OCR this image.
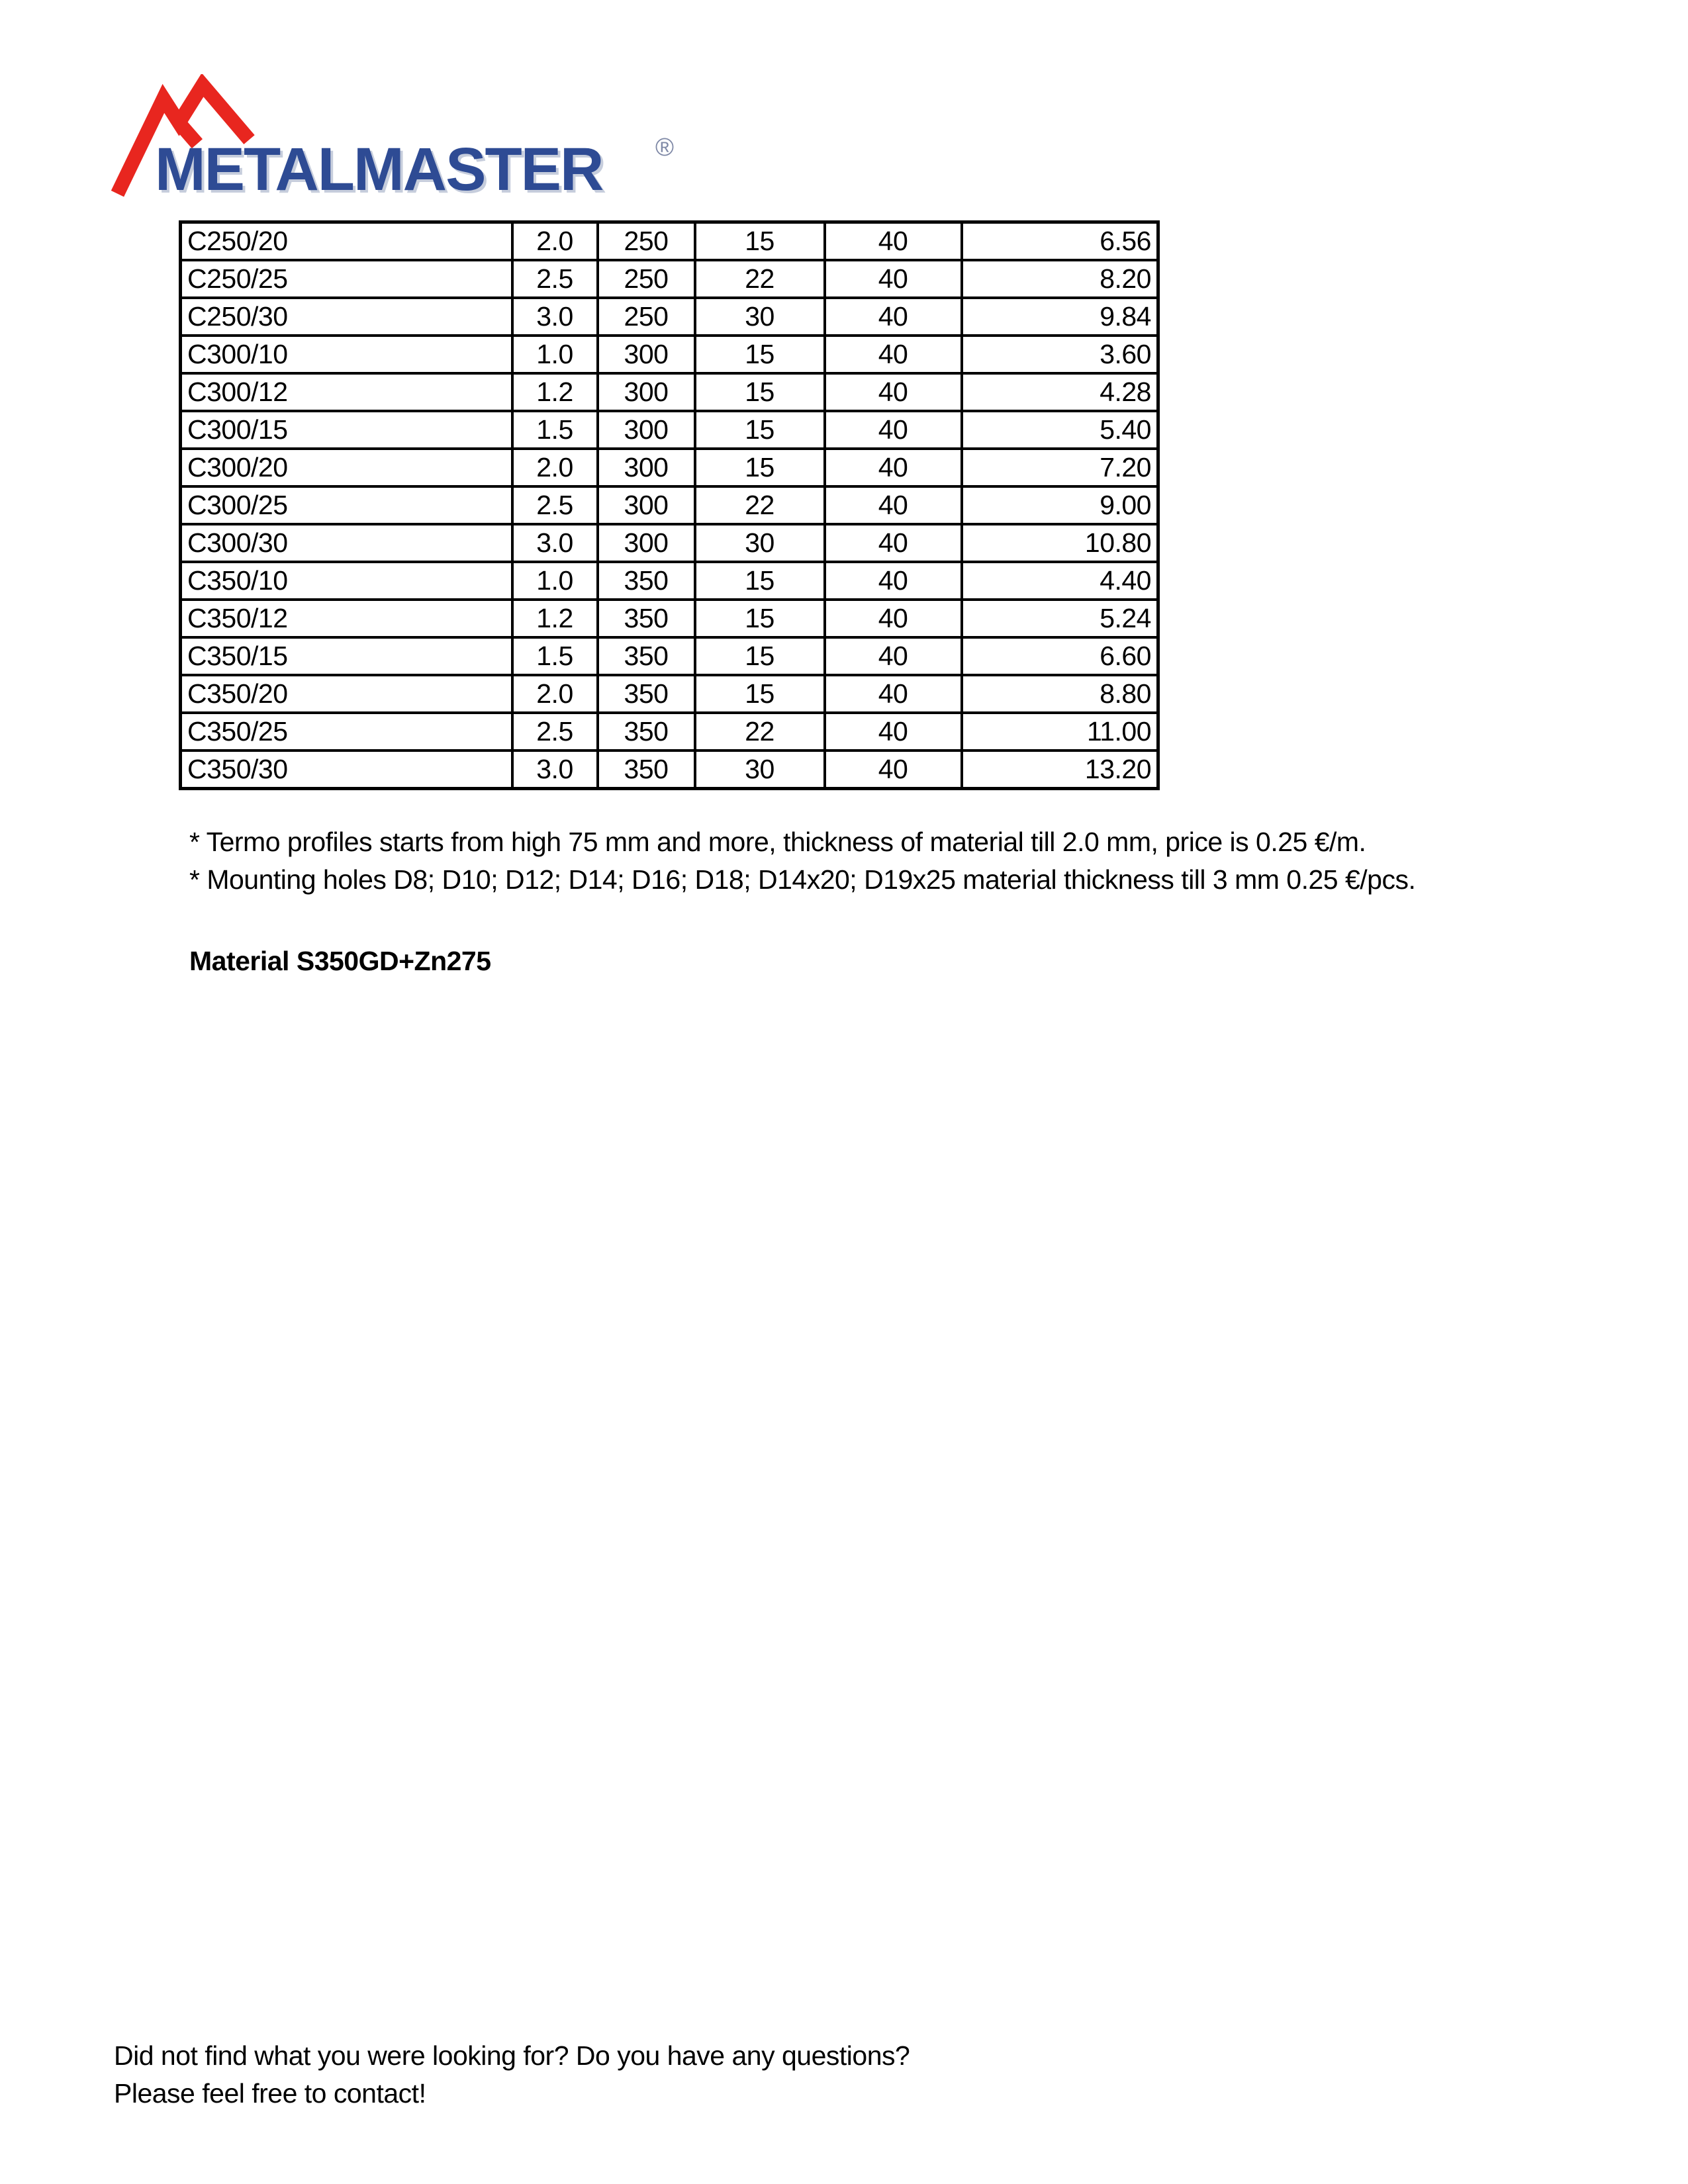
METALMASTER ®
C250/20	2.0	250	15	40	6.56
C250/25	2.5	250	22	40	8.20
C250/30	3.0	250	30	40	9.84
C300/10	1.0	300	15	40	3.60
C300/12	1.2	300	15	40	4.28
C300/15	1.5	300	15	40	5.40
C300/20	2.0	300	15	40	7.20
C300/25	2.5	300	22	40	9.00
C300/30	3.0	300	30	40	10.80
C350/10	1.0	350	15	40	4.40
C350/12	1.2	350	15	40	5.24
C350/15	1.5	350	15	40	6.60
C350/20	2.0	350	15	40	8.80
C350/25	2.5	350	22	40	11.00
C350/30	3.0	350	30	40	13.20
* Termo profiles starts from high 75 mm and more, thickness of material till 2.0 mm, price is 0.25 €/m.
* Mounting holes D8; D10; D12; D14; D16; D18; D14x20; D19x25 material thickness till 3 mm 0.25 €/pcs.
Material S350GD+Zn275
Did not find what you were looking for? Do you have any questions?
Please feel free to contact!
